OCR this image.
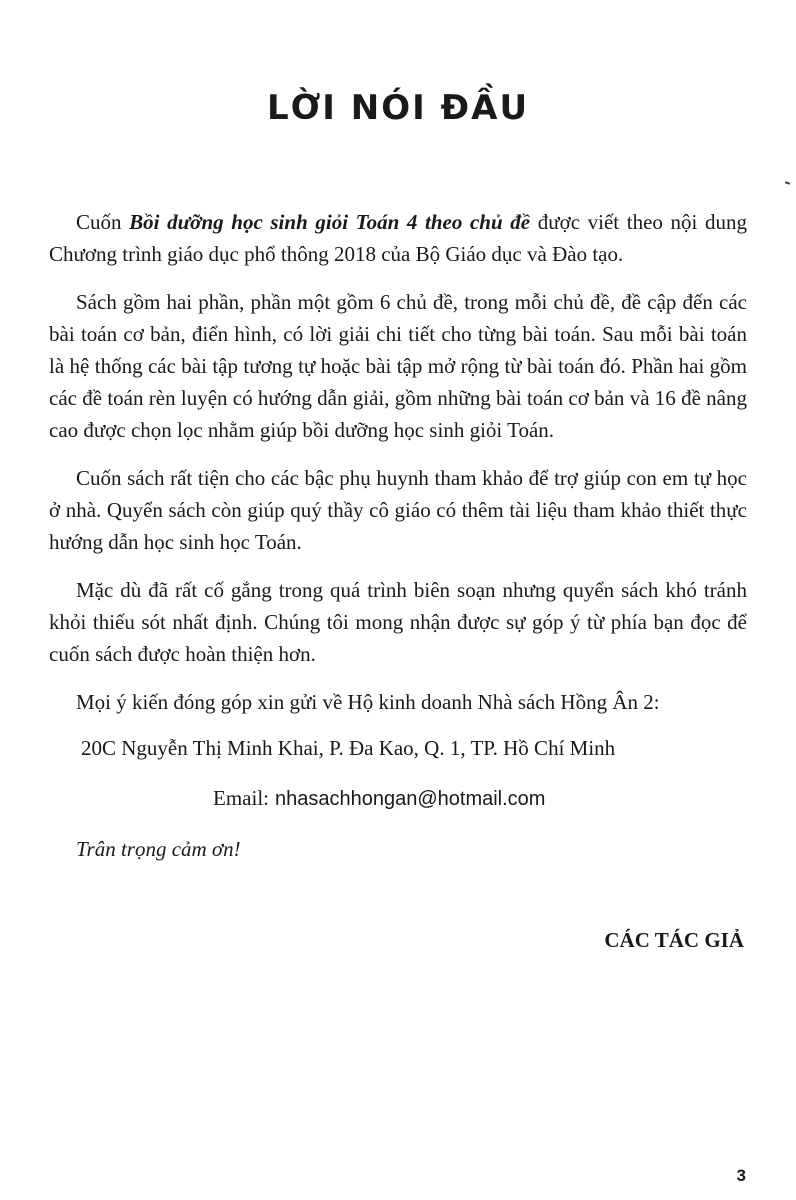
LỜI NÓI ĐẦU

Cuốn Bồi dưỡng học sinh giỏi Toán 4 theo chủ đề được viết theo nội dung Chương trình giáo dục phổ thông 2018 của Bộ Giáo dục và Đào tạo.

Sách gồm hai phần, phần một gồm 6 chủ đề, trong mỗi chủ đề, đề cập đến các bài toán cơ bản, điển hình, có lời giải chi tiết cho từng bài toán. Sau mỗi bài toán là hệ thống các bài tập tương tự hoặc bài tập mở rộng từ bài toán đó. Phần hai gồm các đề toán rèn luyện có hướng dẫn giải, gồm những bài toán cơ bản và 16 đề nâng cao được chọn lọc nhằm giúp bồi dưỡng học sinh giỏi Toán.

Cuốn sách rất tiện cho các bậc phụ huynh tham khảo để trợ giúp con em tự học ở nhà. Quyển sách còn giúp quý thầy cô giáo có thêm tài liệu tham khảo thiết thực hướng dẫn học sinh học Toán.

Mặc dù đã rất cố gắng trong quá trình biên soạn nhưng quyển sách khó tránh khỏi thiếu sót nhất định. Chúng tôi mong nhận được sự góp ý từ phía bạn đọc để cuốn sách được hoàn thiện hơn.

Mọi ý kiến đóng góp xin gửi về Hộ kinh doanh Nhà sách Hồng Ân 2:

20C Nguyễn Thị Minh Khai, P. Đa Kao, Q. 1, TP. Hồ Chí Minh

Email: nhasachhongan@hotmail.com

Trân trọng cảm ơn!

CÁC TÁC GIẢ
3
